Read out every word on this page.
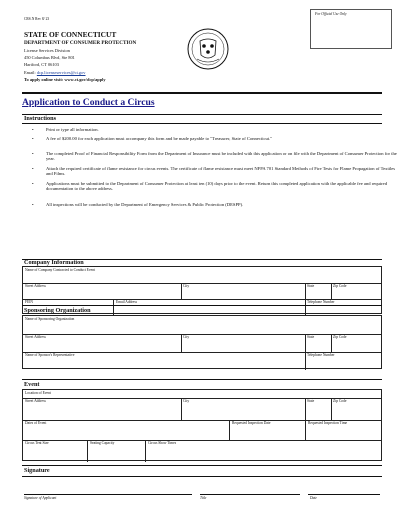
CRS.N Rev 8/ 23
For Official Use Only
STATE OF CONNECTICUT
DEPARTMENT OF CONSUMER PROTECTION
License Services Division
450 Columbus Blvd, Ste 801
Hartford, CT 06103
Email: dcp.licenseservices@ct.gov
To apply online visit: www.ct.gov/dcp/apply
Application to Conduct a Circus
Instructions
•	Print or type all information.
•	A fee of $200.00 for each application must accompany this form and be made payable to "Treasurer, State of Connecticut."
•	The completed Proof of Financial Responsibility Form from the Department of Insurance must be included with this application or on file with the Department of Consumer Protection for the year.
•	Attach the required certificate of flame resistance for circus events. The certificate of flame resistance must meet NFPA 701 Standard Methods of Fire Tests for Flame Propagation of Textiles and Films.
•	Applications must be submitted to the Department of Consumer Protection at least ten (10) days prior to the event. Return this completed application with the applicable fee and required documentation to the above address.
•	All inspections will be conducted by the Department of Emergency Services & Public Protection (DESPP).
Company Information
Name of Company Contracted to Conduct Event
Street Address	City	State	Zip Code
FEIN	Email Address	Telephone Number
Sponsoring Organization
Name of Sponsoring Organization
Street Address	City	State	Zip Code
Name of Sponsor's Representative	Telephone Number
Event
Location of Event
Street Address	City	State	Zip Code
Dates of Event	Requested Inspection Date	Requested Inspection Time
Circus Tent Size	Seating Capacity	Circus Show Times
Signature
Signature of Applicant	Title	Date
